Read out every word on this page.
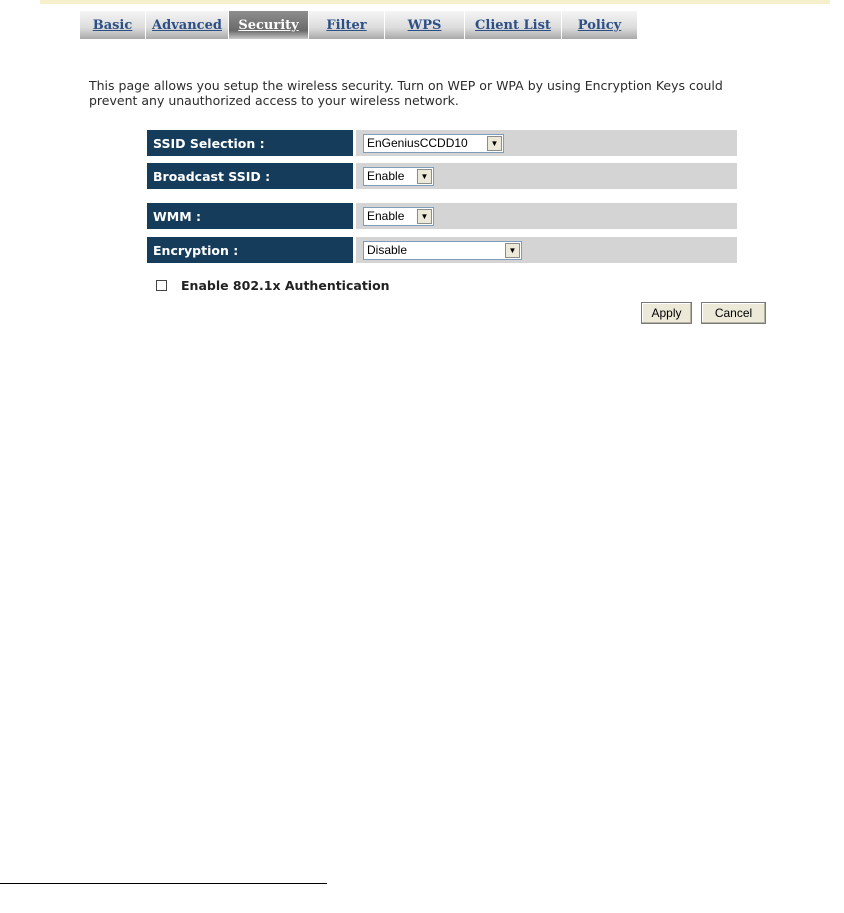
Basic	Advanced	Security	Filter	WPS	Client List	Policy
This page allows you setup the wireless security. Turn on WEP or WPA by using Encryption Keys could prevent any unauthorized access to your wireless network.
SSID Selection :	EnGeniusCCDD10	▼
Broadcast SSID :	Enable	▼
WMM :	Enable	▼
Encryption :	Disable	▼
Enable 802.1x Authentication
Apply	Cancel
